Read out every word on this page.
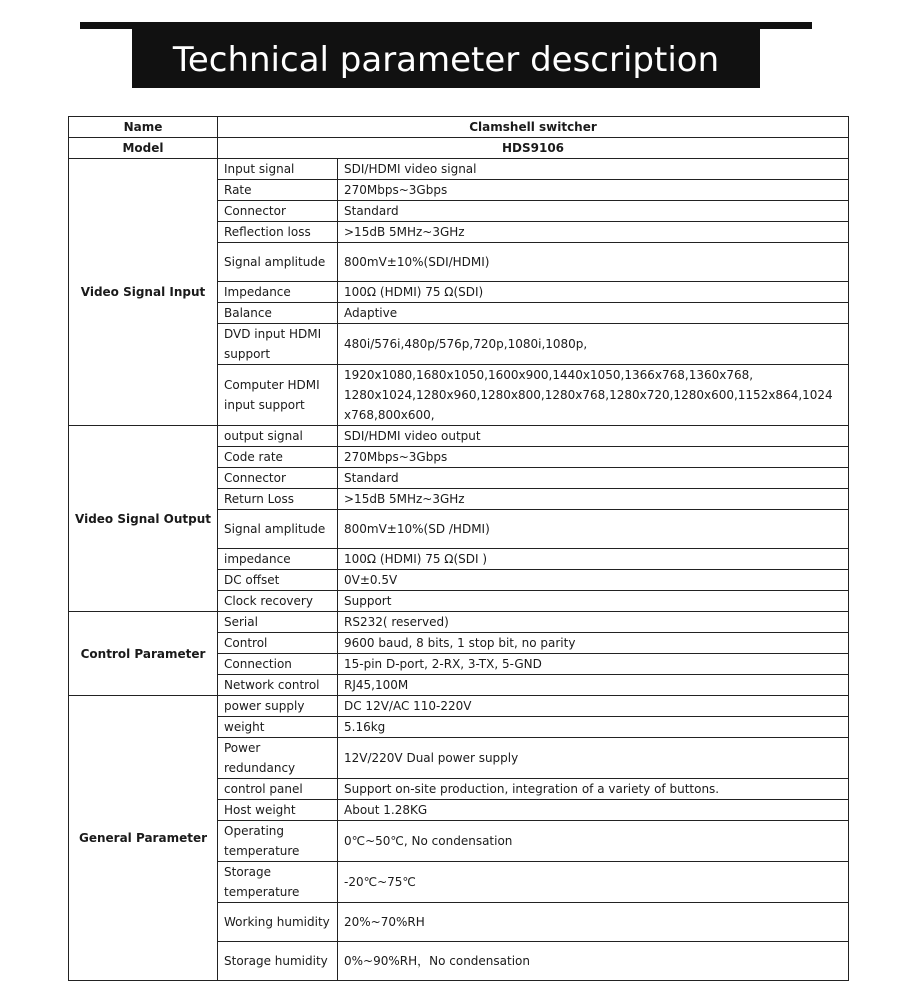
Technical parameter description
Name	Clamshell switcher	
Model	HDS9106	
Video Signal Input	Input signal	SDI/HDMI video signal
	Rate	270Mbps~3Gbps
	Connector	Standard
	Reflection loss	>15dB 5MHz~3GHz
	Signal amplitude	800mV±10%(SDI/HDMI)
	Impedance	100Ω (HDMI) 75 Ω(SDI)
	Balance	Adaptive
	DVD input HDMI support	480i/576i,480p/576p,720p,1080i,1080p,
	Computer HDMI input support	1920x1080,1680x1050,1600x900,1440x1050,1366x768,1360x768, 1280x1024,1280x960,1280x800,1280x768,1280x720,1280x600,1152x864,1024 x768,800x600,
Video Signal Output	output signal	SDI/HDMI video output
	Code rate	270Mbps~3Gbps
	Connector	Standard
	Return Loss	>15dB 5MHz~3GHz
	Signal amplitude	800mV±10%(SD /HDMI)
	impedance	100Ω (HDMI) 75 Ω(SDI )
	DC offset	0V±0.5V
	Clock recovery	Support
Control Parameter	Serial	RS232( reserved)
	Control	9600 baud, 8 bits, 1 stop bit, no parity
	Connection	15-pin D-port, 2-RX, 3-TX, 5-GND
	Network control	RJ45,100M
General Parameter	power supply	DC 12V/AC 110-220V
	weight	5.16kg
	Power redundancy	12V/220V Dual power supply
	control panel	Support on-site production, integration of a variety of buttons.
	Host weight	About 1.28KG
	Operating temperature	0℃~50℃, No condensation
	Storage temperature	-20℃~75℃
	Working humidity	20%~70%RH
	Storage humidity	0%~90%RH，No condensation
